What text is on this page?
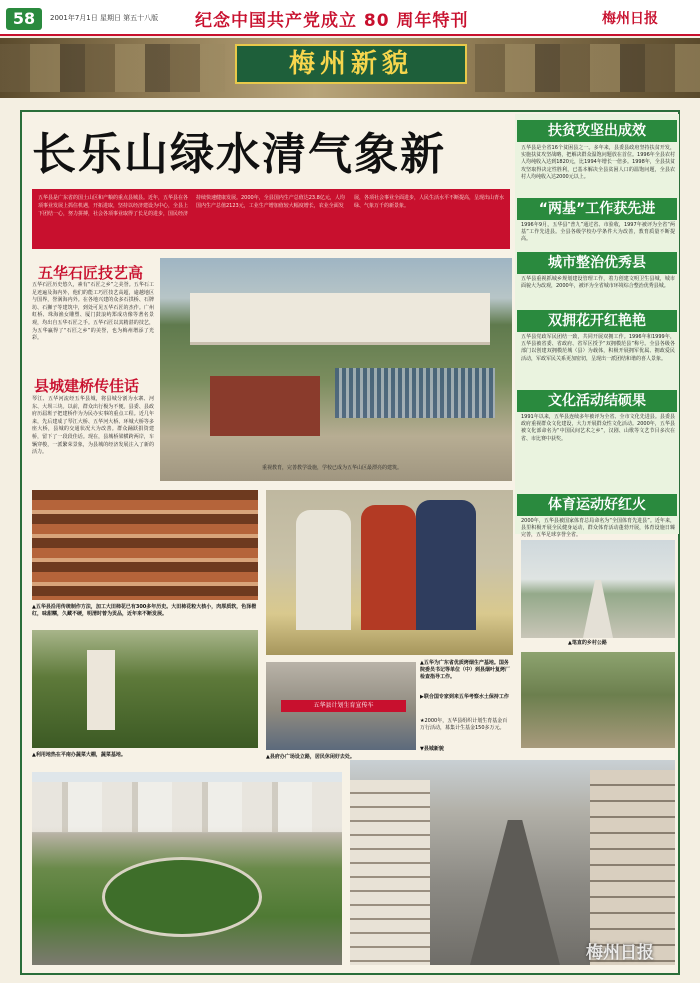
58	2001年7月1日 星期日 第五十八版 纪念中国共产党成立 80 周年特刊	梅州日报
梅州新貌
长乐山绿水清气象新
五华县是广东省的国土山区和产粮的重点县城县。近年，五华县在各项事业发展上抓住机遇，开拓进取，坚持以经济建设为中心，全县上下团结一心，努力拼搏，社会各项事业取得了长足的进步，国民经济持续快速健康发展。2000年，全县国内生产总值达23.8亿元，人均国内生产总值2123元，工业生产增加值较大幅度增长，农业全面发展，各项社会事业全面进步，人民生活水平不断提高，呈现出山青水绿、气象万千的新景象。
五华石匠技艺高
五华石匠历史悠久，素有“石匠之乡”之美誉。五华石工足迹遍及海内外，他们的能工巧匠技艺高超，逾越地区与国界，誉满海内外。在各地兴建的众多石拱桥、石牌坊、石狮子等建筑中，到处可见五华石匠的杰作。广州虹桥、珠海渔女雕塑、厦门鼓浪屿郑成功像等著名景观，均出自五华石匠之手。五华石匠以其精湛的技艺，为五华赢得了“石匠之乡”的美誉，也为梅州增添了光彩。
县城建桥传佳话
琴江、五华河流经五华县城，将县城分割为水寨、河东、大坝三块。以前，群众出行极为不便。县委、县政府历届班子把建桥作为为民办实事的重点工程。近几年来，先后建成了琴江大桥、五华河大桥、环城大桥等多座大桥，县城的交通状况大为改善。群众踊跃捐资建桥，留下了一段段佳话。现在，县城桥梁横跨两岸，车辆穿梭，一派繁荣景象，为县城的经济发展注入了新的活力。
重视教育，完善教学设施，学校已成为五华山区最漂亮的建筑。
▲五华县沿用传统制作方法，加工大田柿花已有300多年历史。大田柿花粒大核小，肉厚质软，色泽橙红，味甜糯，久藏不硬，明清时曾为贡品，近年来不断发展。
▲利用地热在平南办蔬菜大棚，蔬菜基地。
五华县计划生育宣传车
▲县府办广场设立路，居民休闲好去处。
▲五华为广东省优质烤烟生产基地。国务院委员书记等单位（中）到县烟叶复烤厂检查指导工作。
▶联合国专家到来五华考察水土保持工作
★2000年，五华县组织计划生育基金百万行活动，募集计生基金150多万元。
▼县城新貌
扶贫攻坚出成效
五华县是全省16个贫困县之一。多年来，县委县政府坚持扶贫开发，实施扶贫攻坚战略，把解决群众温饱问题放在首位。1996年全县农村人均纯收入达到1820元，比1994年增长一倍多。1998年，全县扶贫攻坚取得决定性胜利，已基本解决全县贫困人口的温饱问题，全县农村人均纯收入达2000元以上。
“两基”工作获先进
1996年9月，五华县“普九”通过省、市验收，1997年被评为全省“两基”工作先进县。全县各级学校办学条件大为改善，教育质量不断提高。
城市整治优秀县
五华县重视抓城乡规划建设管理工作，着力创建文明卫生县城，城市面貌大为改观，2000年，被评为全省城市环境综合整治优秀县城。
双拥花开红艳艳
五华县党政军民团结一致，共同开展双拥工作。1996年和1999年，五华县被省委、省政府、省军区授予“双拥模范县”称号。全县各级各部门以创建双拥模范城（县）为载体，积极开展拥军优属、拥政爱民活动，军政军民关系更加密切，呈现出一派团结和谐的喜人景象。
文化活动结硕果
1991年以来，五华县连续多年被评为全省、全市文化先进县。县委县政府重视群众文化建设，大力开展群众性文化活动。2000年，五华县被文化部命名为“中国民间艺术之乡”，汉剧、山歌等文艺节目多次在省、市比赛中获奖。
体育运动好红火
2000年，五华县被国家体育总局命名为“全国体育先进县”。近年来，县里积极开展全民健身运动，群众体育活动蓬勃开展，体育设施日臻完善，五华足球享誉全省。
▲笔直的乡村公路
梅州日报
